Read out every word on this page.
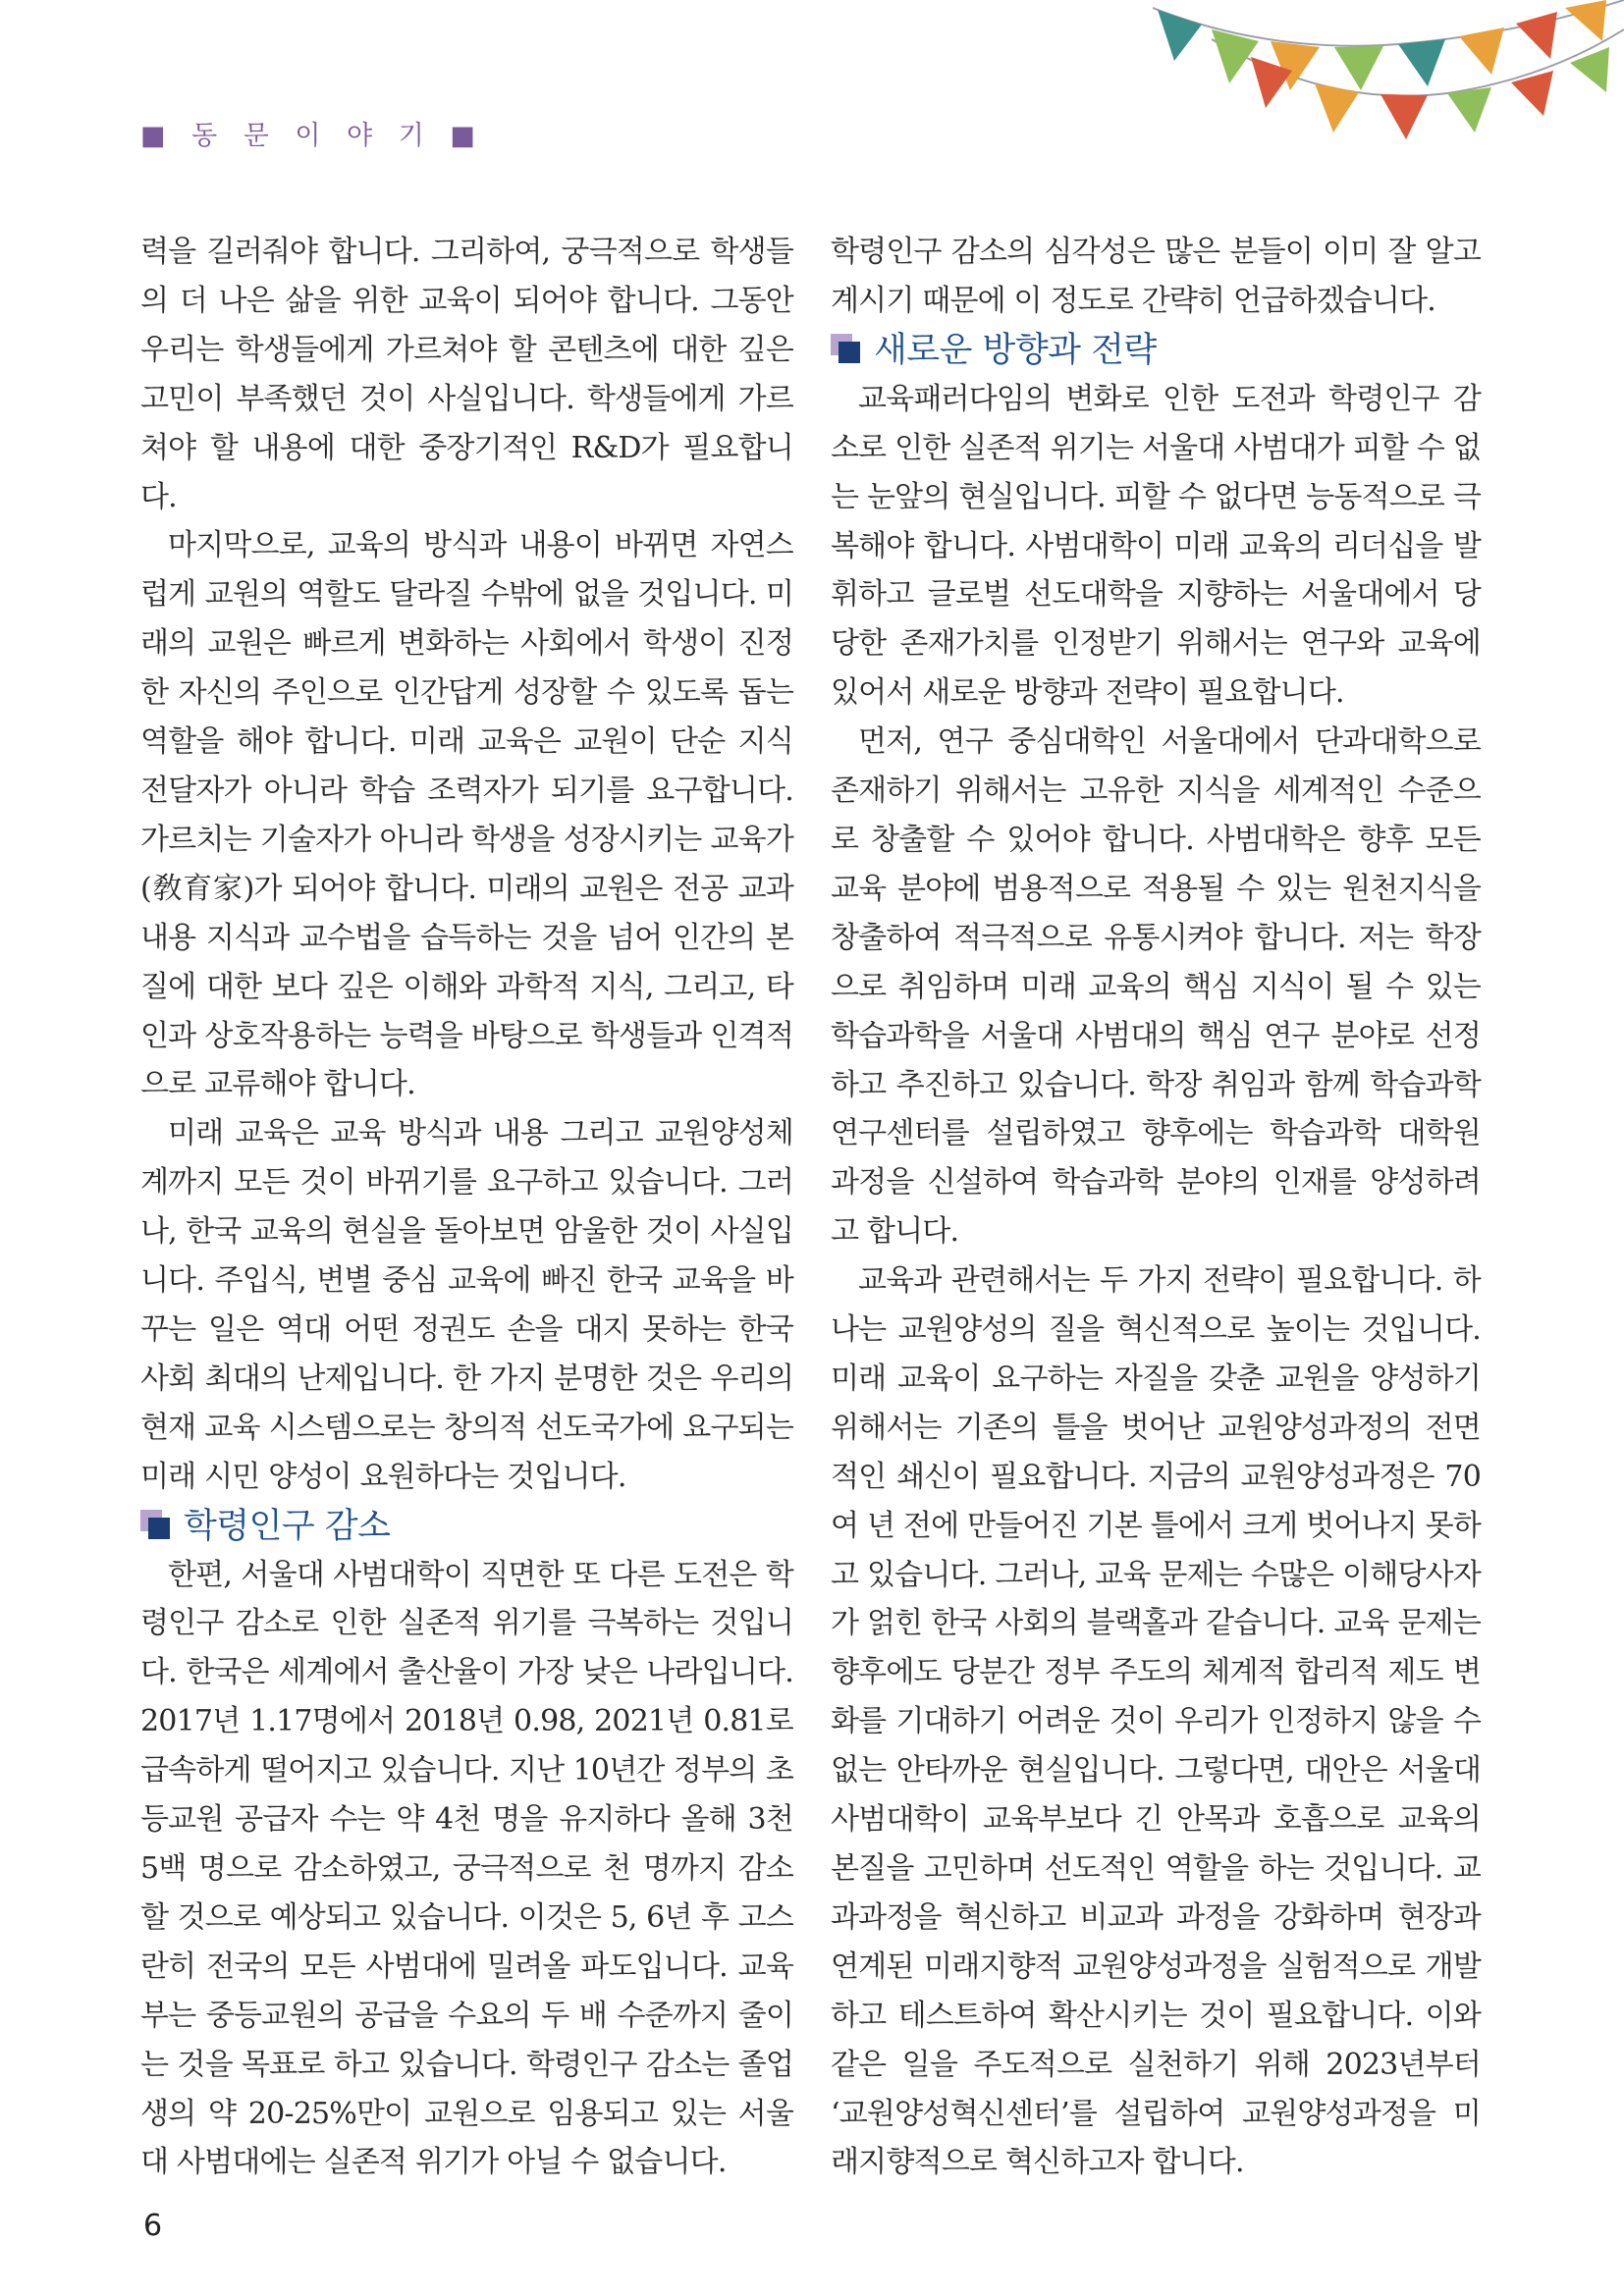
■ 동 문 이 야 기 ■

력을 길러줘야 합니다. 그리하여, 궁극적으로 학생들의 더 나은 삶을 위한 교육이 되어야 합니다. 그동안 우리는 학생들에게 가르쳐야 할 콘텐츠에 대한 깊은 고민이 부족했던 것이 사실입니다. 학생들에게 가르쳐야 할 내용에 대한 중장기적인 R&D가 필요합니다.

마지막으로, 교육의 방식과 내용이 바뀌면 자연스럽게 교원의 역할도 달라질 수밖에 없을 것입니다. 미래의 교원은 빠르게 변화하는 사회에서 학생이 진정한 자신의 주인으로 인간답게 성장할 수 있도록 돕는 역할을 해야 합니다. 미래 교육은 교원이 단순 지식 전달자가 아니라 학습 조력자가 되기를 요구합니다. 가르치는 기술자가 아니라 학생을 성장시키는 교육가(敎育家)가 되어야 합니다. 미래의 교원은 전공 교과내용 지식과 교수법을 습득하는 것을 넘어 인간의 본질에 대한 보다 깊은 이해와 과학적 지식, 그리고, 타인과 상호작용하는 능력을 바탕으로 학생들과 인격적으로 교류해야 합니다.

미래 교육은 교육 방식과 내용 그리고 교원양성체계까지 모든 것이 바뀌기를 요구하고 있습니다. 그러나, 한국 교육의 현실을 돌아보면 암울한 것이 사실입니다. 주입식, 변별 중심 교육에 빠진 한국 교육을 바꾸는 일은 역대 어떤 정권도 손을 대지 못하는 한국 사회 최대의 난제입니다. 한 가지 분명한 것은 우리의 현재 교육 시스템으로는 창의적 선도국가에 요구되는 미래 시민 양성이 요원하다는 것입니다.

학령인구 감소

한편, 서울대 사범대학이 직면한 또 다른 도전은 학령인구 감소로 인한 실존적 위기를 극복하는 것입니다. 한국은 세계에서 출산율이 가장 낮은 나라입니다. 2017년 1.17명에서 2018년 0.98, 2021년 0.81로 급속하게 떨어지고 있습니다. 지난 10년간 정부의 초등교원 공급자 수는 약 4천 명을 유지하다 올해 3천 5백 명으로 감소하였고, 궁극적으로 천 명까지 감소할 것으로 예상되고 있습니다. 이것은 5, 6년 후 고스란히 전국의 모든 사범대에 밀려올 파도입니다. 교육부는 중등교원의 공급을 수요의 두 배 수준까지 줄이는 것을 목표로 하고 있습니다. 학령인구 감소는 졸업생의 약 20-25%만이 교원으로 임용되고 있는 서울대 사범대에는 실존적 위기가 아닐 수 없습니다.

학령인구 감소의 심각성은 많은 분들이 이미 잘 알고 계시기 때문에 이 정도로 간략히 언급하겠습니다.

새로운 방향과 전략

교육패러다임의 변화로 인한 도전과 학령인구 감소로 인한 실존적 위기는 서울대 사범대가 피할 수 없는 눈앞의 현실입니다. 피할 수 없다면 능동적으로 극복해야 합니다. 사범대학이 미래 교육의 리더십을 발휘하고 글로벌 선도대학을 지향하는 서울대에서 당당한 존재가치를 인정받기 위해서는 연구와 교육에 있어서 새로운 방향과 전략이 필요합니다.

먼저, 연구 중심대학인 서울대에서 단과대학으로 존재하기 위해서는 고유한 지식을 세계적인 수준으로 창출할 수 있어야 합니다. 사범대학은 향후 모든 교육 분야에 범용적으로 적용될 수 있는 원천지식을 창출하여 적극적으로 유통시켜야 합니다. 저는 학장으로 취임하며 미래 교육의 핵심 지식이 될 수 있는 학습과학을 서울대 사범대의 핵심 연구 분야로 선정하고 추진하고 있습니다. 학장 취임과 함께 학습과학연구센터를 설립하였고 향후에는 학습과학 대학원 과정을 신설하여 학습과학 분야의 인재를 양성하려고 합니다.

교육과 관련해서는 두 가지 전략이 필요합니다. 하나는 교원양성의 질을 혁신적으로 높이는 것입니다. 미래 교육이 요구하는 자질을 갖춘 교원을 양성하기 위해서는 기존의 틀을 벗어난 교원양성과정의 전면적인 쇄신이 필요합니다. 지금의 교원양성과정은 70여 년 전에 만들어진 기본 틀에서 크게 벗어나지 못하고 있습니다. 그러나, 교육 문제는 수많은 이해당사자가 얽힌 한국 사회의 블랙홀과 같습니다. 교육 문제는 향후에도 당분간 정부 주도의 체계적 합리적 제도 변화를 기대하기 어려운 것이 우리가 인정하지 않을 수 없는 안타까운 현실입니다. 그렇다면, 대안은 서울대 사범대학이 교육부보다 긴 안목과 호흡으로 교육의 본질을 고민하며 선도적인 역할을 하는 것입니다. 교과과정을 혁신하고 비교과 과정을 강화하며 현장과 연계된 미래지향적 교원양성과정을 실험적으로 개발하고 테스트하여 확산시키는 것이 필요합니다. 이와 같은 일을 주도적으로 실천하기 위해 2023년부터 ‘교원양성혁신센터’를 설립하여 교원양성과정을 미래지향적으로 혁신하고자 합니다.

6
